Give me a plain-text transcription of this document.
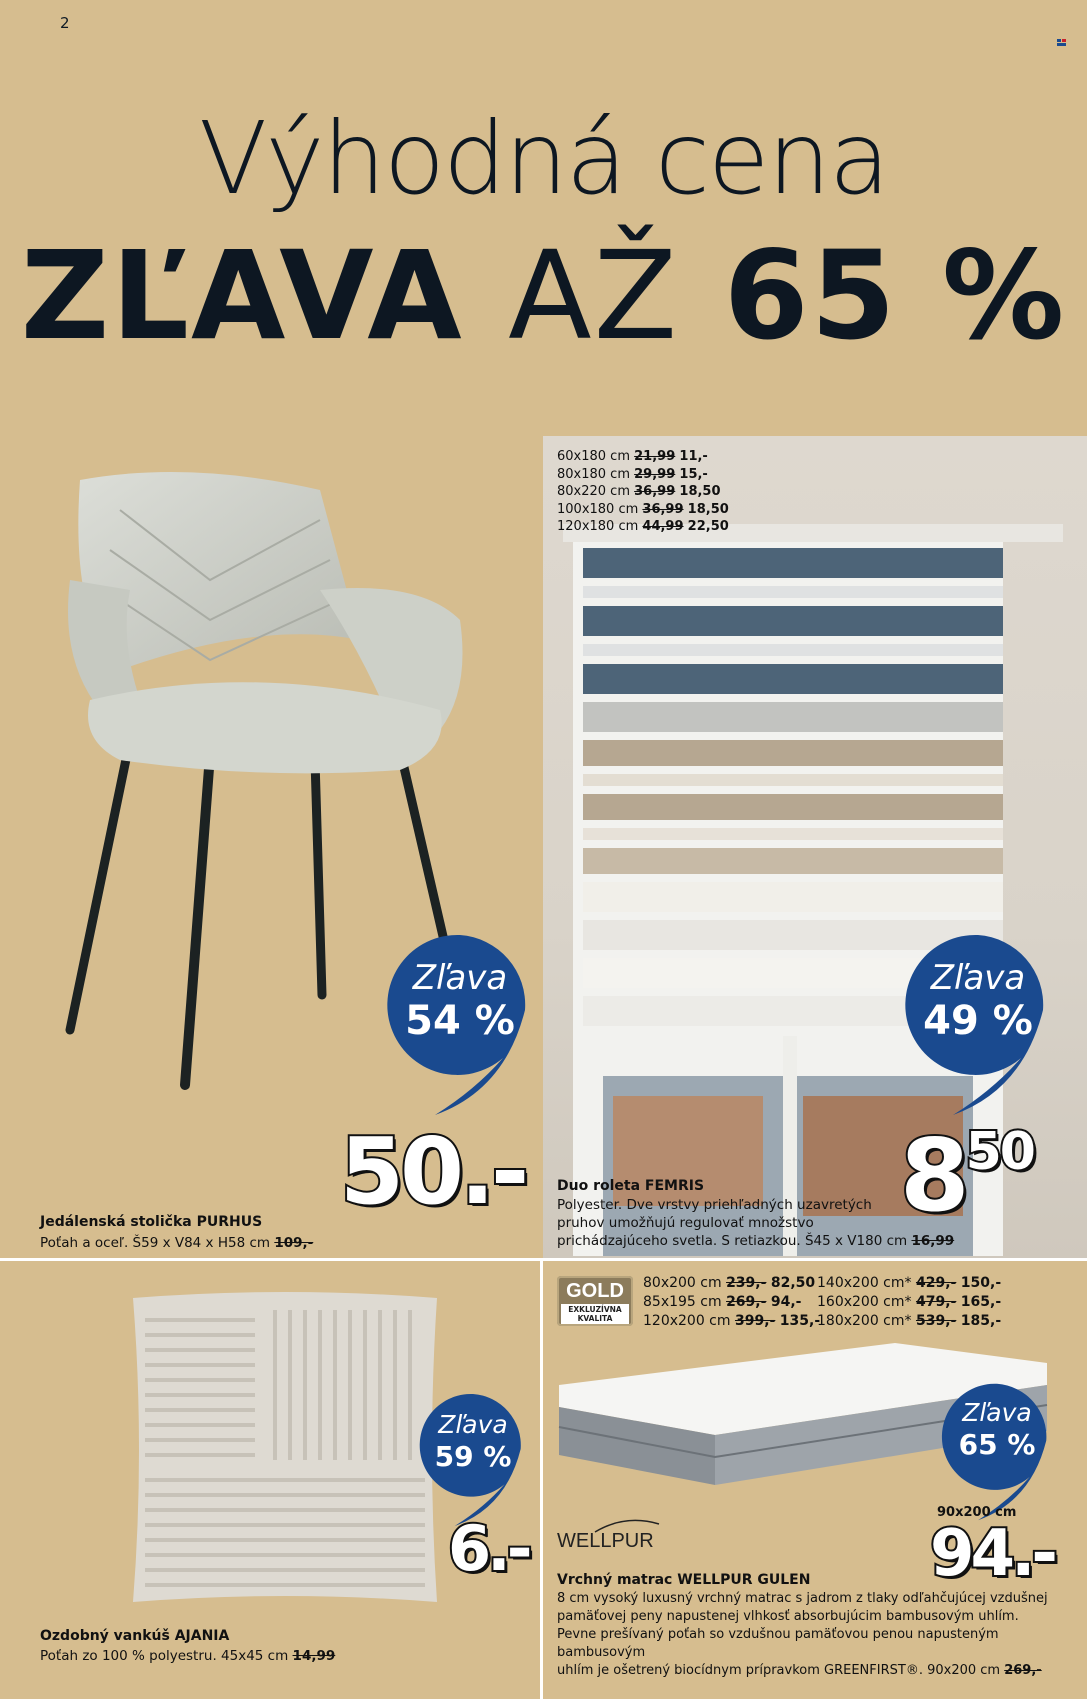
2
Výhodná cena
ZĽAVA AŽ 65 %
Zľava
54 %
50.-
Jedálenská stolička PURHUS
Poťah a oceľ. Š59 x V84 x H58 cm 109,-
60x180 cm 21,99 11,-
80x180 cm 29,99 15,-
80x220 cm 36,99 18,50
100x180 cm 36,99 18,50
120x180 cm 44,99 22,50
Zľava
49 %
$8^{50}$
Duo roleta FEMRIS
Polyester. Dve vrstvy priehľadných uzavretých
pruhov umožňujú regulovať množstvo
prichádzajúceho svetla. S retiazkou. Š45 x V180 cm 16,99
Zľava
59 %
6.-
Ozdobný vankúš AJANIA
Poťah zo 100 % polyestru. 45x45 cm 14,99
GOLD
EXKLUZÍVNA KVALITA
80x200 cm 239,- 82,50
85x195 cm 269,- 94,-
120x200 cm 399,- 135,-
140x200 cm* 429,- 150,-
160x200 cm* 479,- 165,-
180x200 cm* 539,- 185,-
Zľava
65 %
90x200 cm
94.-
WELLPUR
Vrchný matrac WELLPUR GULEN
8 cm vysoký luxusný vrchný matrac s jadrom z tlaky odľahčujúcej vzdušnej
pamäťovej peny napustenej vlhkosť absorbujúcim bambusovým uhlím.
Pevne prešívaný poťah so vzdušnou pamäťovou penou napusteným bambusovým
uhlím je ošetrený biocídnym prípravkom GREENFIRST®. 90x200 cm 269,-
